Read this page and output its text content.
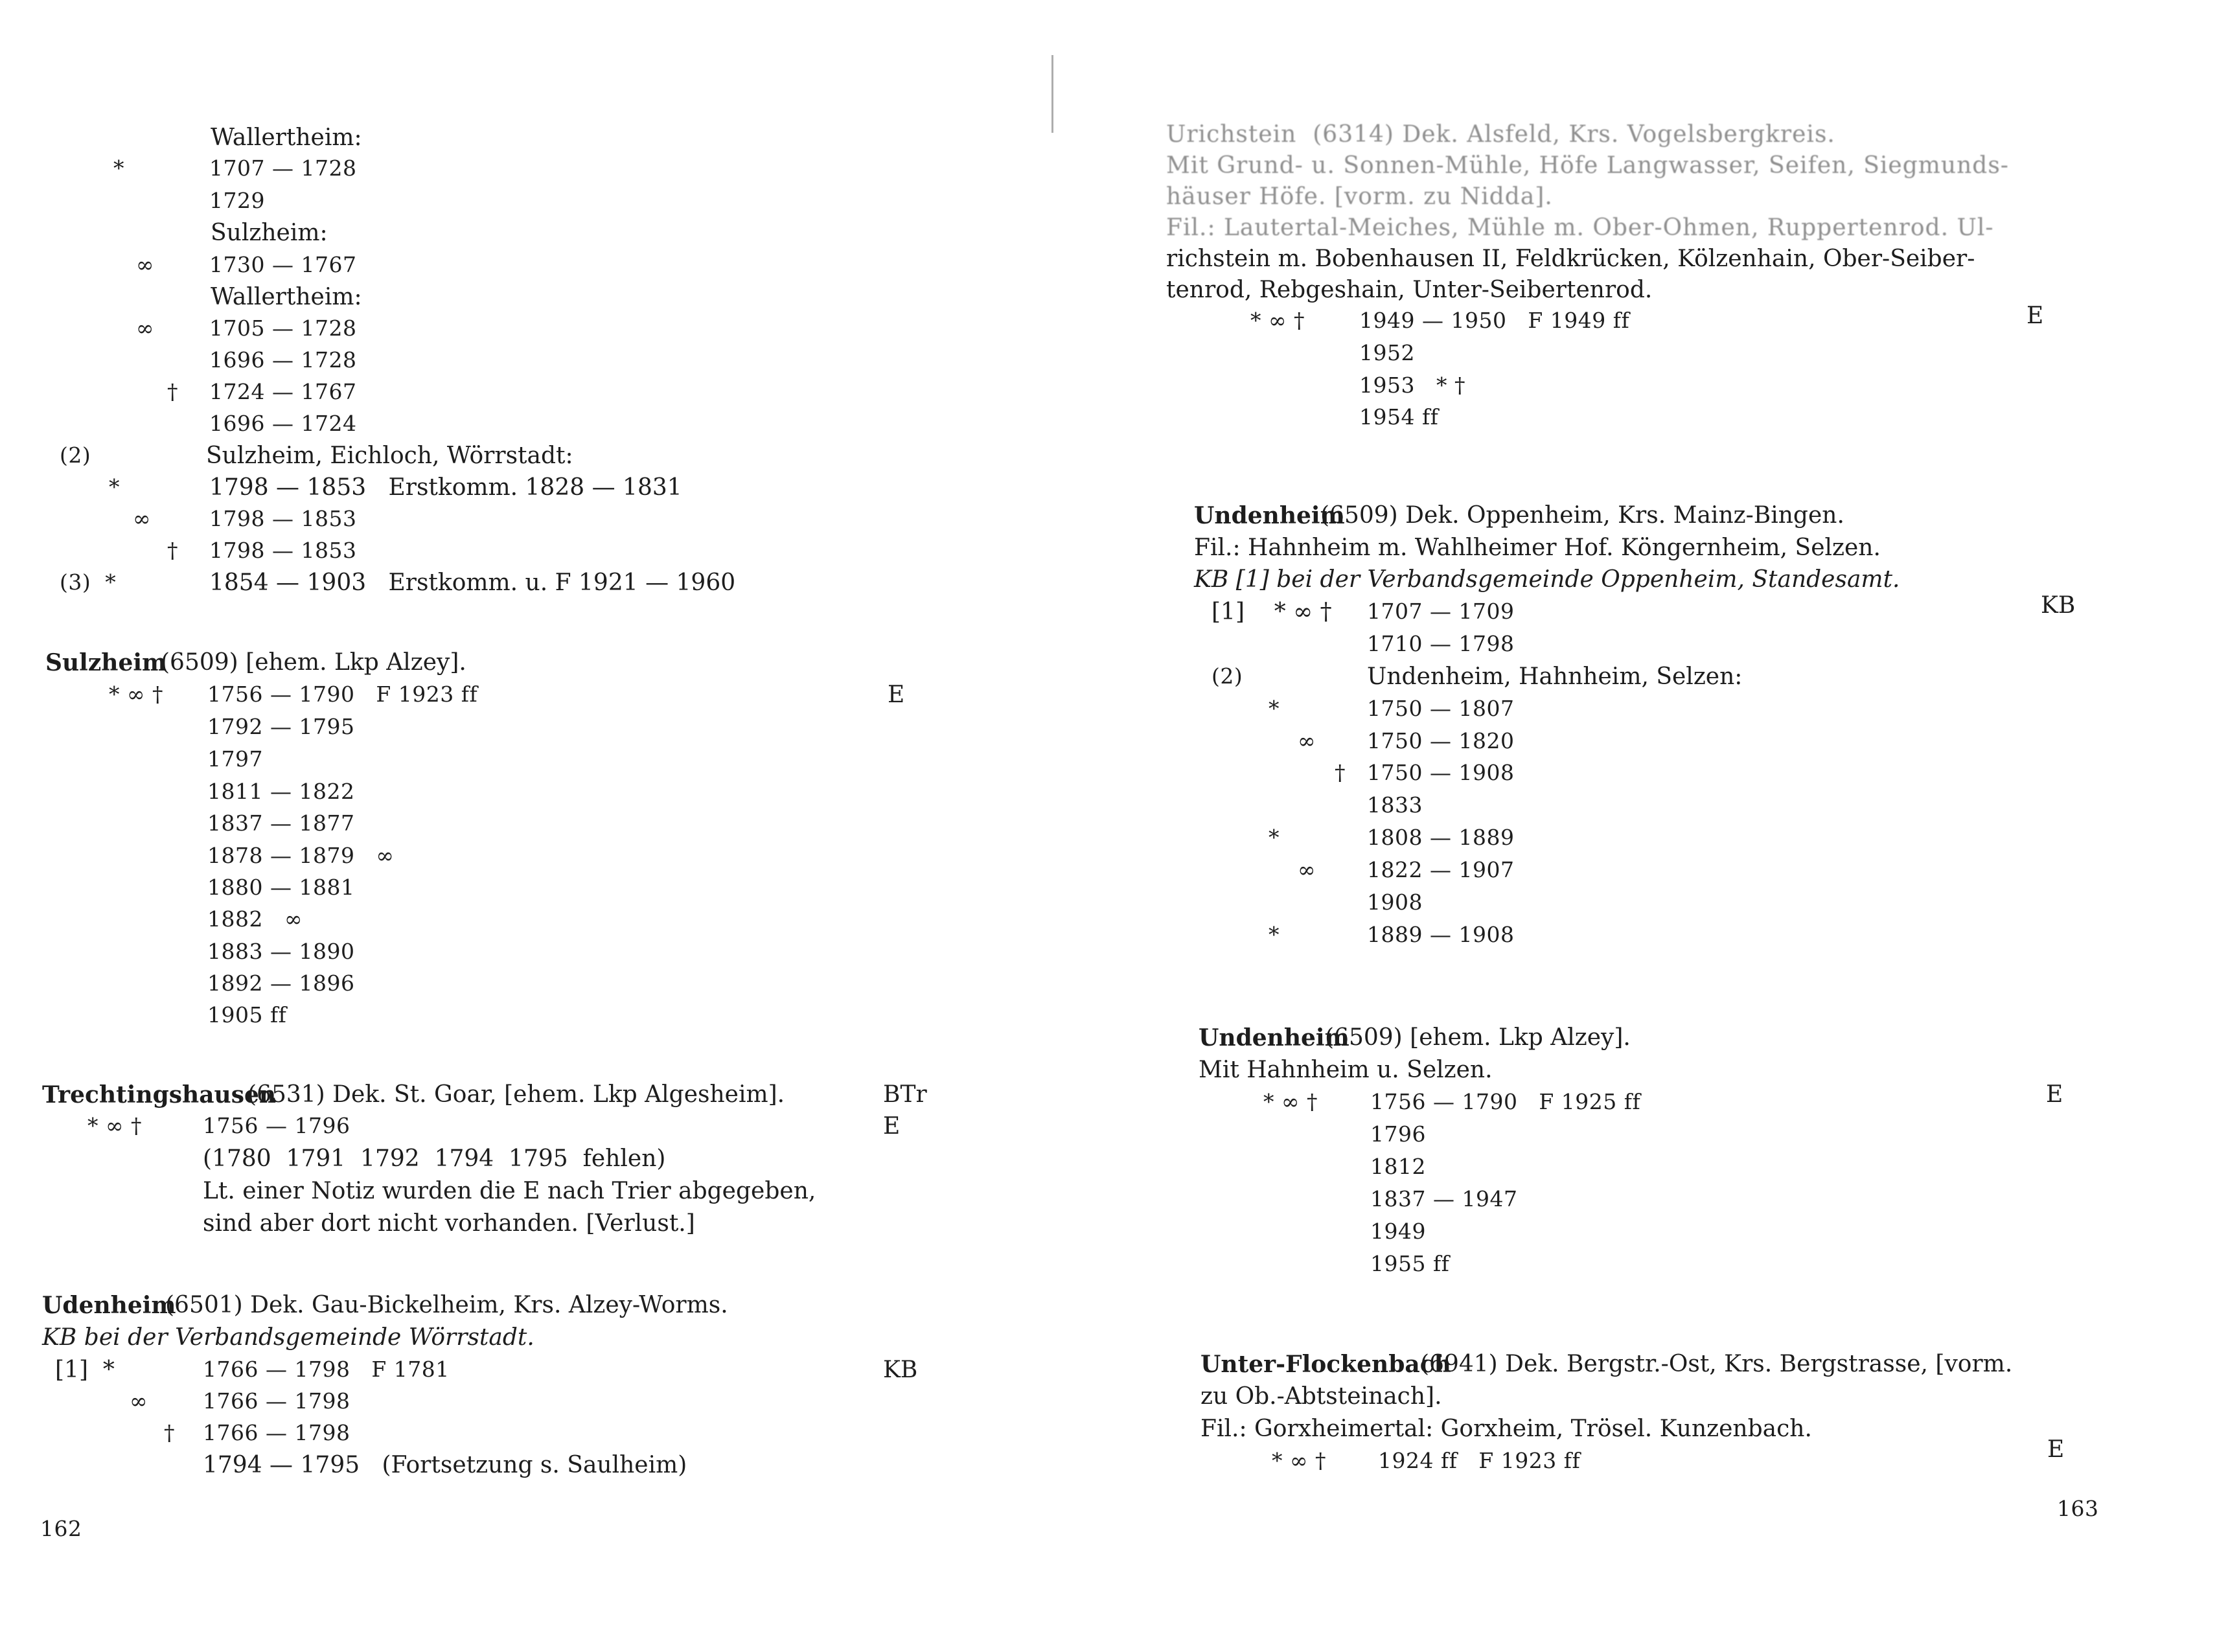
Wallertheim:
*	1707 — 1728
1729
Sulzheim:
∞	1730 — 1767
Wallertheim:
∞	1705 — 1728
1696 — 1728
† 1724 — 1767
1696 — 1724
(2)	Sulzheim, Eichloch, Wörrstadt:
*	1798 — 1853   Erstkomm. 1828 — 1831
∞	1798 — 1853
† 1798 — 1853
(3)  *	1854 — 1903   Erstkomm. u. F 1921 — 1960
Sulzheim
(6509) [ehem. Lkp Alzey].
* ∞ † 1756 — 1790   F 1923 ff	E
1792 — 1795
1797
1811 — 1822
1837 — 1877
1878 — 1879   ∞
1880 — 1881
1882   ∞
1883 — 1890
1892 — 1896
1905 ff
Trechtingshausen
(6531) Dek. St. Goar, [ehem. Lkp Algesheim].	BTr
* ∞ †	1756 — 1796	E
(1780  1791  1792  1794  1795  fehlen)
Lt. einer Notiz wurden die E nach Trier abgegeben,
sind aber dort nicht vorhanden. [Verlust.]
Udenheim
(6501) Dek. Gau-Bickelheim, Krs. Alzey-Worms.
KB bei der Verbandsgemeinde Wörrstadt.
[1]  *	1766 — 1798   F 1781	KB
∞	1766 — 1798
† 1766 — 1798
1794 — 1795   (Fortsetzung s. Saulheim)
162
Urichstein  (6314) Dek. Alsfeld, Krs. Vogelsbergkreis.
Mit Grund- u. Sonnen-Mühle, Höfe Langwasser, Seifen, Siegmunds-
häuser Höfe. [vorm. zu Nidda].
Fil.: Lautertal-Meiches, Mühle m. Ober-Ohmen, Ruppertenrod. Ul-
richstein m. Bobenhausen II, Feldkrücken, Kölzenhain, Ober-Seiber-
tenrod, Rebgeshain, Unter-Seibertenrod.
* ∞ †	1949 — 1950   F 1949 ff	E
1952
1953   * †
1954 ff
Undenheim
(6509) Dek. Oppenheim, Krs. Mainz-Bingen.
Fil.: Hahnheim m. Wahlheimer Hof. Köngernheim, Selzen.
KB [1] bei der Verbandsgemeinde Oppenheim, Standesamt.
[1]    * ∞ † 1707 — 1709	KB
1710 — 1798
(2)	Undenheim, Hahnheim, Selzen:
*	1750 — 1807
∞ 1750 — 1820
† 1750 — 1908
1833
*	1808 — 1889
∞ 1822 — 1907
1908
*	1889 — 1908
Undenheim
(6509) [ehem. Lkp Alzey].
Mit Hahnheim u. Selzen.
* ∞ † 1756 — 1790   F 1925 ff	E
1796
1812
1837 — 1947
1949
1955 ff
Unter-Flockenbach
(6941) Dek. Bergstr.-Ost, Krs. Bergstrasse, [vorm.
zu Ob.-Abtsteinach].
Fil.: Gorxheimertal: Gorxheim, Trösel. Kunzenbach.
* ∞ † 1924 ff   F 1923 ff	E
163
